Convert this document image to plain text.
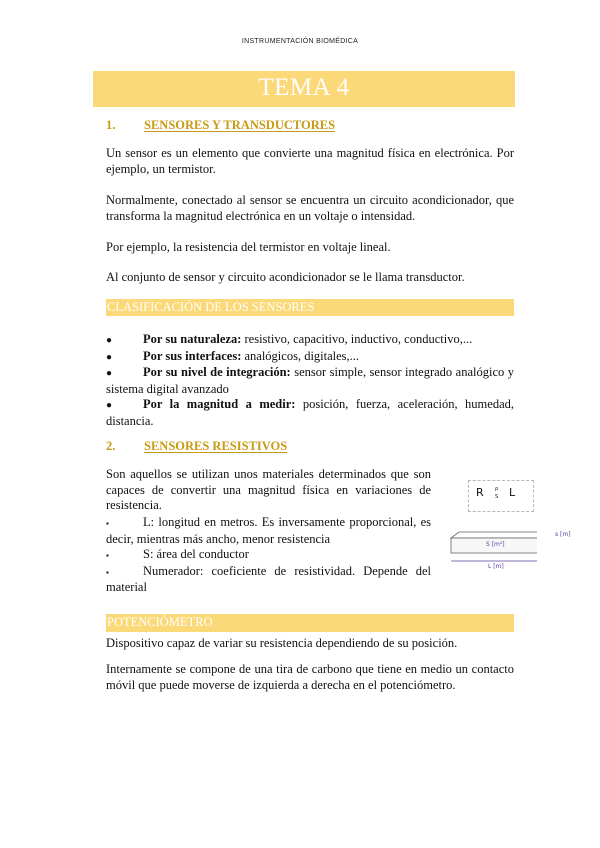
INSTRUMENTACIÓN BIOMÉDICA
TEMA 4
1. SENSORES Y TRANSDUCTORES
Un sensor es un elemento que convierte una magnitud física en electrónica. Por ejemplo, un termistor.
Normalmente, conectado al sensor se encuentra un circuito acondicionador, que transforma la magnitud electrónica en un voltaje o intensidad.
Por ejemplo, la resistencia del termistor en voltaje lineal.
Al conjunto de sensor y circuito acondicionador se le llama transductor.
CLASIFICACIÓN DE LOS SENSORES
● Por su naturaleza: resistivo, capacitivo, inductivo, conductivo,...
● Por sus interfaces: analógicos, digitales,...
● Por su nivel de integración: sensor simple, sensor integrado analógico y sistema digital avanzado
● Por la magnitud a medir: posición, fuerza, aceleración, humedad, distancia.
2. SENSORES RESISTIVOS
Son aquellos se utilizan unos materiales determinados que son capaces de convertir una magnitud física en variaciones de resistencia.
▪	L: longitud en metros. Es inversamente proporcional, es decir, mientras más ancho, menor resistencia
▪	S: área del conductor
▪	Numerador: coeficiente de resistividad. Depende del material
R ρ
S L
S [m²]
s [m]
L [m]
POTENCIÓMETRO
Dispositivo capaz de variar su resistencia dependiendo de su posición.
Internamente se compone de una tira de carbono que tiene en medio un contacto móvil que puede moverse de izquierda a derecha en el potenciómetro.
